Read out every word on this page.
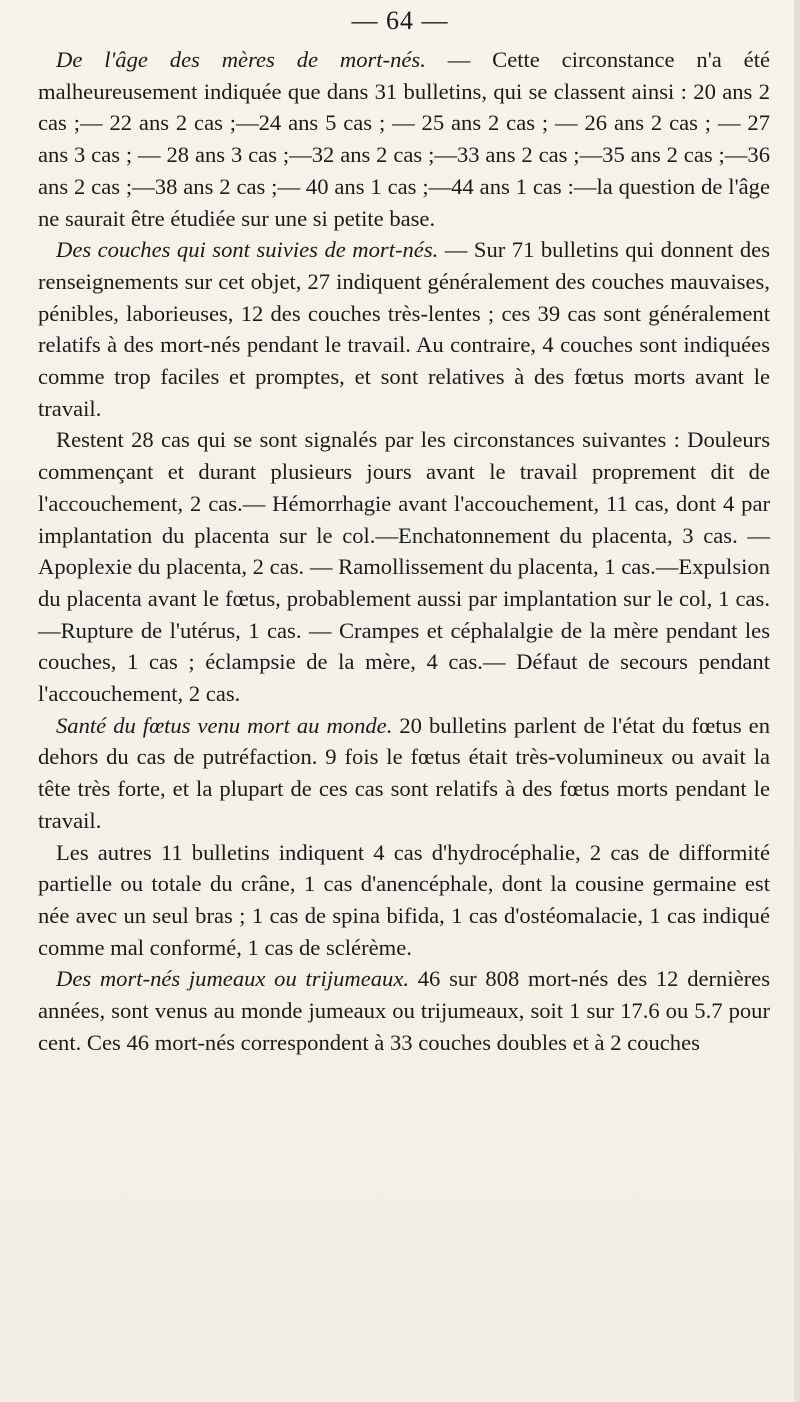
— 64 —

De l'âge des mères de mort-nés. — Cette circonstance n'a été malheureusement indiquée que dans 31 bulletins, qui se classent ainsi : 20 ans 2 cas ;— 22 ans 2 cas ;—24 ans 5 cas ; — 25 ans 2 cas ; — 26 ans 2 cas ; — 27 ans 3 cas ; — 28 ans 3 cas ;—32 ans 2 cas ;—33 ans 2 cas ;—35 ans 2 cas ;—36 ans 2 cas ;—38 ans 2 cas ;— 40 ans 1 cas ;—44 ans 1 cas :—la question de l'âge ne saurait être étudiée sur une si petite base.

Des couches qui sont suivies de mort-nés. — Sur 71 bulletins qui donnent des renseignements sur cet objet, 27 indiquent généralement des couches mauvaises, pénibles, laborieuses, 12 des couches très-lentes ; ces 39 cas sont généralement relatifs à des mort-nés pendant le travail. Au contraire, 4 couches sont indiquées comme trop faciles et promptes, et sont relatives à des fœtus morts avant le travail.

Restent 28 cas qui se sont signalés par les circonstances suivantes : Douleurs commençant et durant plusieurs jours avant le travail proprement dit de l'accouchement, 2 cas.— Hémorrhagie avant l'accouchement, 11 cas, dont 4 par implantation du placenta sur le col.—Enchatonnement du placenta, 3 cas. — Apoplexie du placenta, 2 cas. — Ramollissement du placenta, 1 cas.—Expulsion du placenta avant le fœtus, probablement aussi par implantation sur le col, 1 cas.—Rupture de l'utérus, 1 cas. — Crampes et céphalalgie de la mère pendant les couches, 1 cas ; éclampsie de la mère, 4 cas.— Défaut de secours pendant l'accouchement, 2 cas.

Santé du fœtus venu mort au monde. 20 bulletins parlent de l'état du fœtus en dehors du cas de putréfaction. 9 fois le fœtus était très-volumineux ou avait la tête très forte, et la plupart de ces cas sont relatifs à des fœtus morts pendant le travail.

Les autres 11 bulletins indiquent 4 cas d'hydrocéphalie, 2 cas de difformité partielle ou totale du crâne, 1 cas d'anencéphale, dont la cousine germaine est née avec un seul bras ; 1 cas de spina bifida, 1 cas d'ostéomalacie, 1 cas indiqué comme mal conformé, 1 cas de sclérème.

Des mort-nés jumeaux ou trijumeaux. 46 sur 808 mort-nés des 12 dernières années, sont venus au monde jumeaux ou trijumeaux, soit 1 sur 17.6 ou 5.7 pour cent. Ces 46 mort-nés correspondent à 33 couches doubles et à 2 couches
